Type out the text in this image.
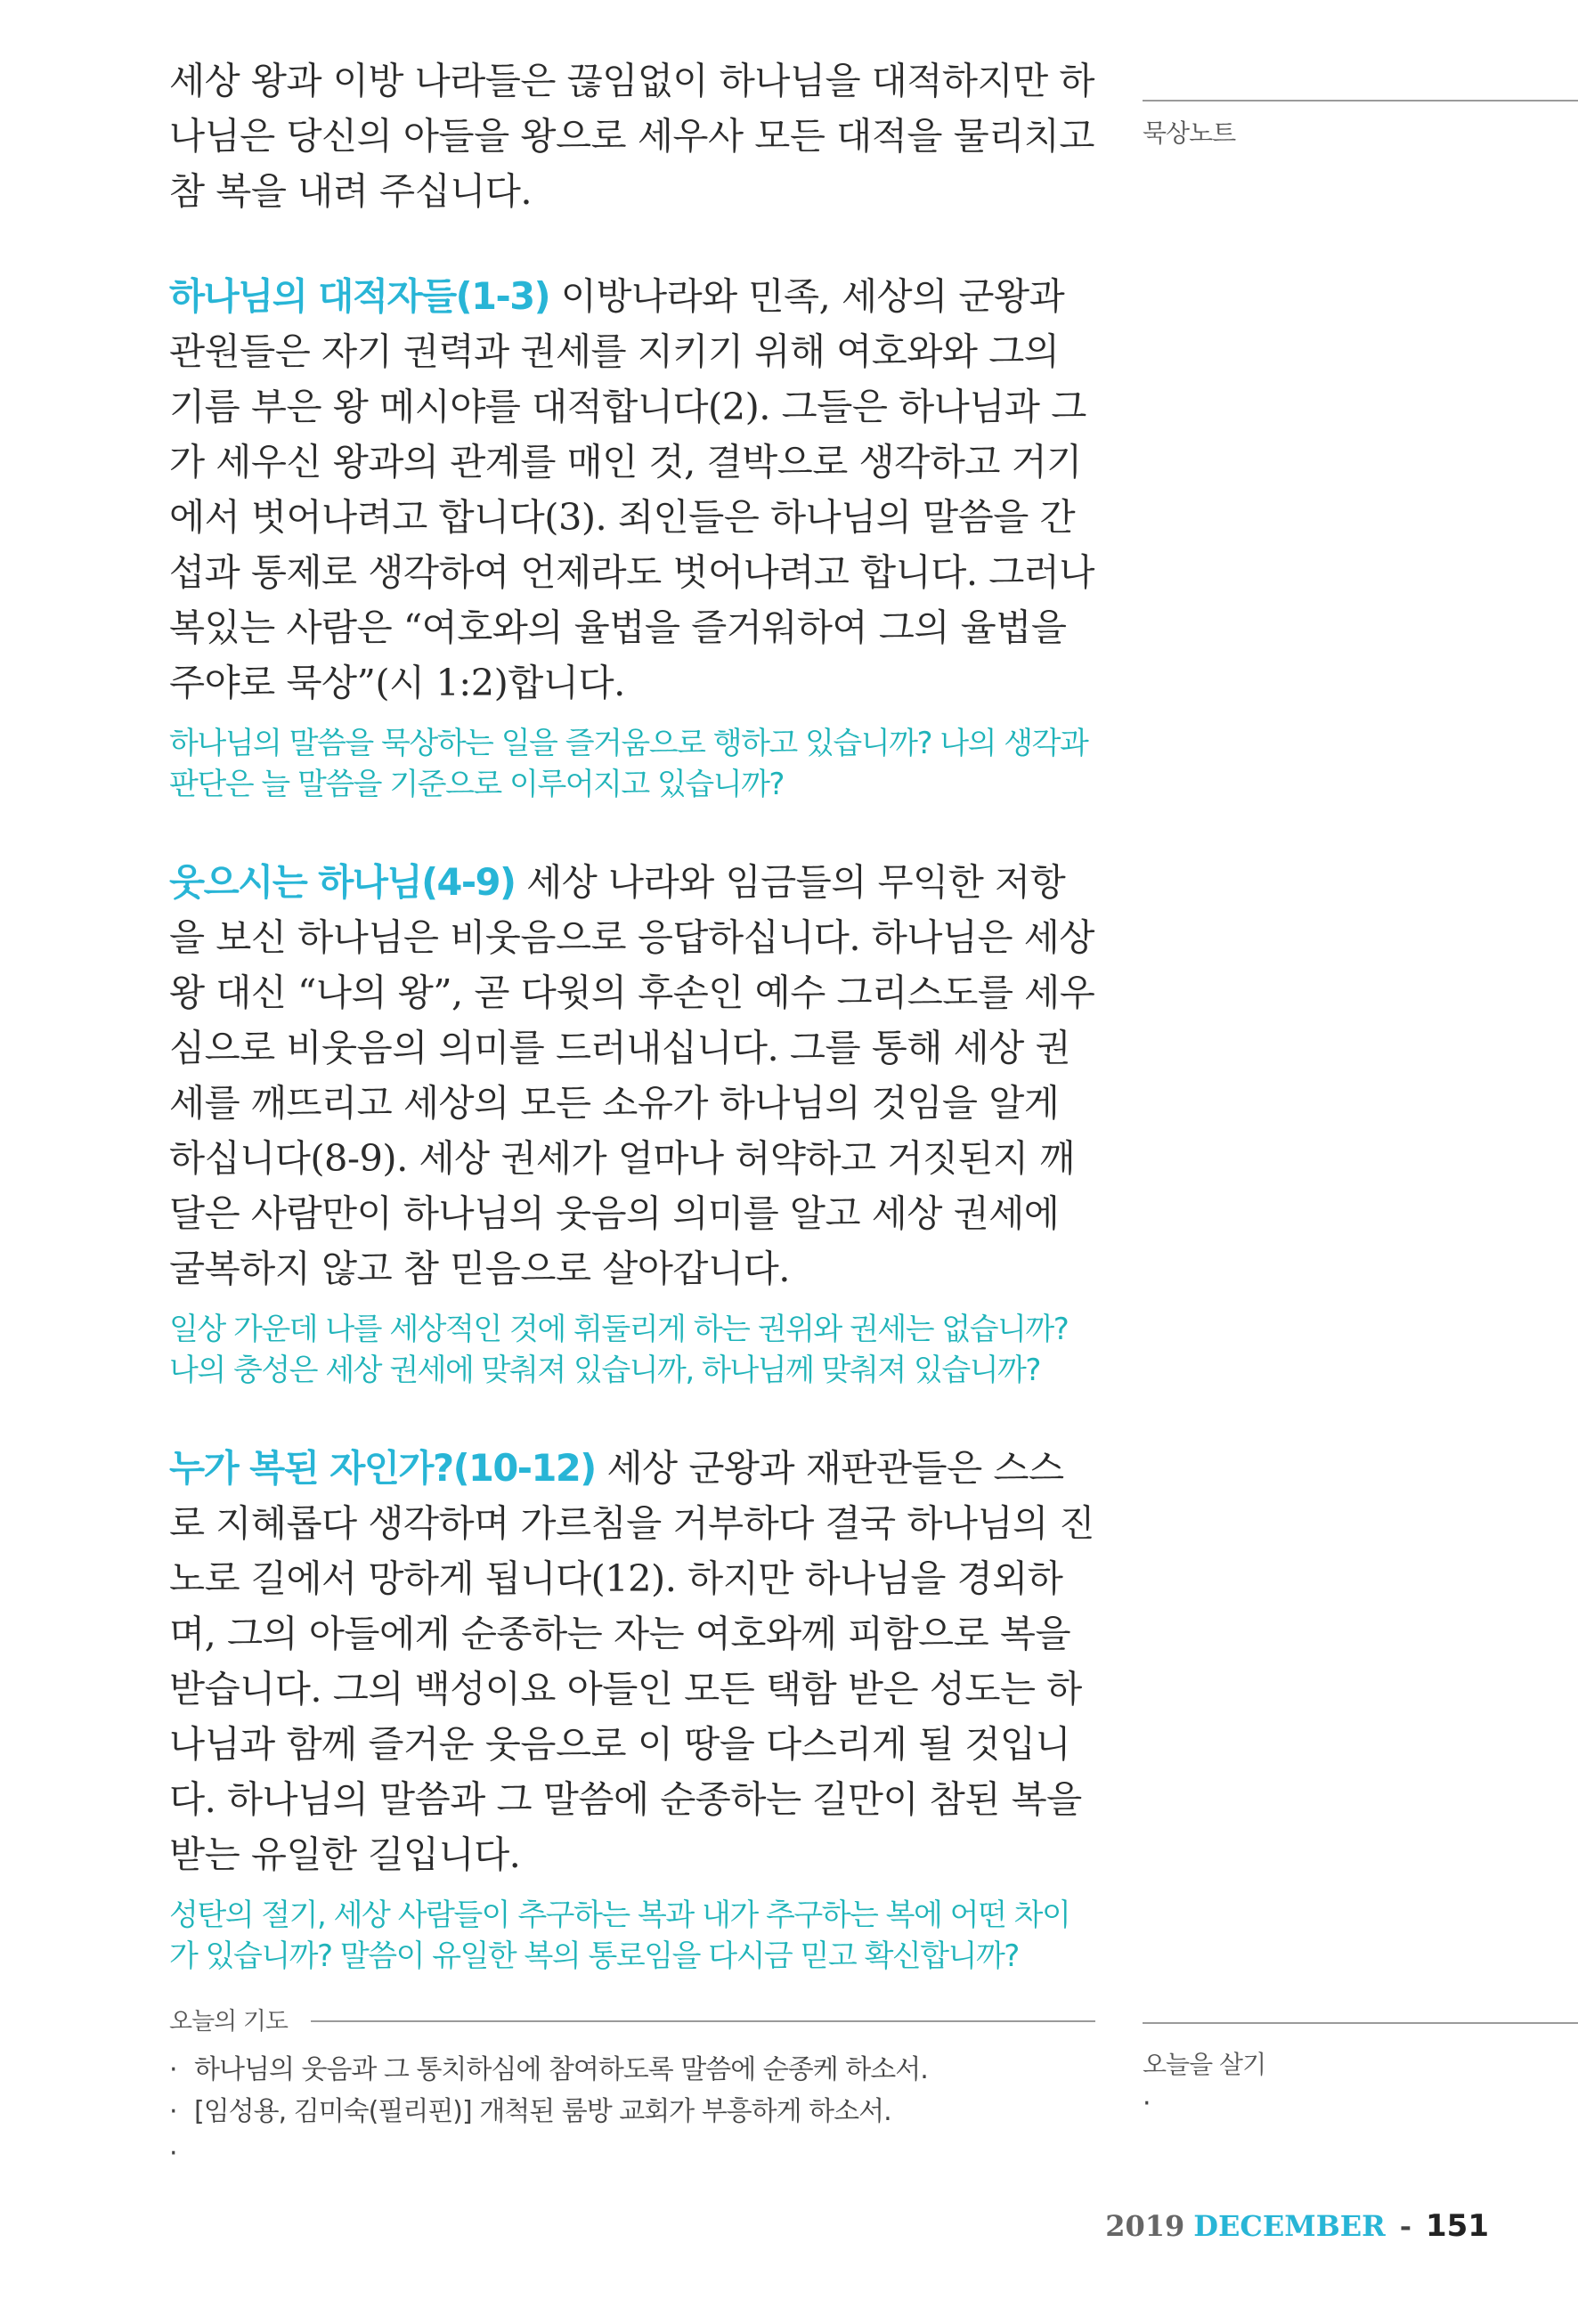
세상 왕과 이방 나라들은 끊임없이 하나님을 대적하지만 하나님은 당신의 아들을 왕으로 세우사 모든 대적을 물리치고 참 복을 내려 주십니다.

하나님의 대적자들(1-3) 이방나라와 민족, 세상의 군왕과 관원들은 자기 권력과 권세를 지키기 위해 여호와와 그의 기름 부은 왕 메시야를 대적합니다(2). 그들은 하나님과 그가 세우신 왕과의 관계를 매인 것, 결박으로 생각하고 거기에서 벗어나려고 합니다(3). 죄인들은 하나님의 말씀을 간섭과 통제로 생각하여 언제라도 벗어나려고 합니다. 그러나 복있는 사람은 “여호와의 율법을 즐거워하여 그의 율법을 주야로 묵상”(시 1:2)합니다.

하나님의 말씀을 묵상하는 일을 즐거움으로 행하고 있습니까? 나의 생각과 판단은 늘 말씀을 기준으로 이루어지고 있습니까?

웃으시는 하나님(4-9) 세상 나라와 임금들의 무익한 저항을 보신 하나님은 비웃음으로 응답하십니다. 하나님은 세상 왕 대신 “나의 왕”, 곧 다윗의 후손인 예수 그리스도를 세우심으로 비웃음의 의미를 드러내십니다. 그를 통해 세상 권세를 깨뜨리고 세상의 모든 소유가 하나님의 것임을 알게 하십니다(8-9). 세상 권세가 얼마나 허약하고 거짓된지 깨달은 사람만이 하나님의 웃음의 의미를 알고 세상 권세에 굴복하지 않고 참 믿음으로 살아갑니다.

일상 가운데 나를 세상적인 것에 휘둘리게 하는 권위와 권세는 없습니까? 나의 충성은 세상 권세에 맞춰져 있습니까, 하나님께 맞춰져 있습니까?

누가 복된 자인가?(10-12) 세상 군왕과 재판관들은 스스로 지혜롭다 생각하며 가르침을 거부하다 결국 하나님의 진노로 길에서 망하게 됩니다(12). 하지만 하나님을 경외하며, 그의 아들에게 순종하는 자는 여호와께 피함으로 복을 받습니다. 그의 백성이요 아들인 모든 택함 받은 성도는 하나님과 함께 즐거운 웃음으로 이 땅을 다스리게 될 것입니다. 하나님의 말씀과 그 말씀에 순종하는 길만이 참된 복을 받는 유일한 길입니다.

성탄의 절기, 세상 사람들이 추구하는 복과 내가 추구하는 복에 어떤 차이가 있습니까? 말씀이 유일한 복의 통로임을 다시금 믿고 확신합니까?

묵상노트
오늘의 기도
· 하나님의 웃음과 그 통치하심에 참여하도록 말씀에 순종케 하소서.
· [임성용, 김미숙(필리핀)] 개척된 룸방 교회가 부흥하게 하소서.
·
오늘을 살기
·
2019 DECEMBER - 151
